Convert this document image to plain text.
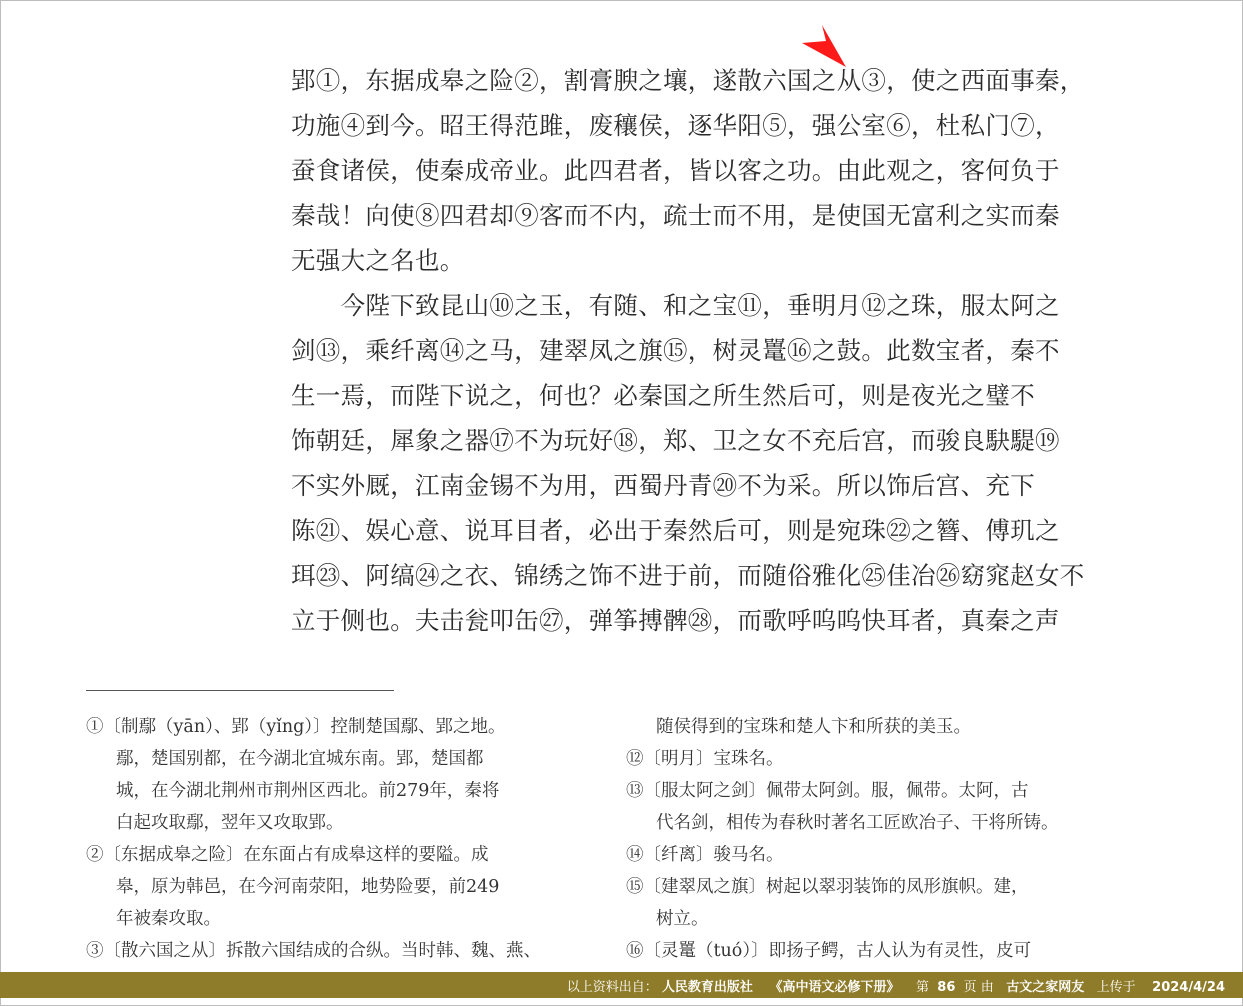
郢①，东据成皋之险②，割膏腴之壤，遂散六国之从③，使之西面事秦，
功施④到今。昭王得范雎，废穰侯，逐华阳⑤，强公室⑥，杜私门⑦，
蚕食诸侯，使秦成帝业。此四君者，皆以客之功。由此观之，客何负于
秦哉！向使⑧四君却⑨客而不内，疏士而不用，是使国无富利之实而秦
无强大之名也。
　　今陛下致昆山⑩之玉，有随、和之宝⑪，垂明月⑫之珠，服太阿之
剑⑬，乘纤离⑭之马，建翠凤之旗⑮，树灵鼍⑯之鼓。此数宝者，秦不
生一焉，而陛下说之，何也？必秦国之所生然后可，则是夜光之璧不
饰朝廷，犀象之器⑰不为玩好⑱，郑、卫之女不充后宫，而骏良駃騠⑲
不实外厩，江南金锡不为用，西蜀丹青⑳不为采。所以饰后宫、充下
陈㉑、娱心意、说耳目者，必出于秦然后可，则是宛珠㉒之簪、傅玑之
珥㉓、阿缟㉔之衣、锦绣之饰不进于前，而随俗雅化㉕佳冶㉖窈窕赵女不
立于侧也。夫击瓮叩缶㉗，弹筝搏髀㉘，而歌呼呜呜快耳者，真秦之声
①〔制鄢（yān）、郢（yǐng）〕控制楚国鄢、郢之地。
鄢，楚国别都，在今湖北宜城东南。郢，楚国都
城，在今湖北荆州市荆州区西北。前279年，秦将
白起攻取鄢，翌年又攻取郢。
②〔东据成皋之险〕在东面占有成皋这样的要隘。成
皋，原为韩邑，在今河南荥阳，地势险要，前249
年被秦攻取。
③〔散六国之从〕拆散六国结成的合纵。当时韩、魏、燕、
随侯得到的宝珠和楚人卞和所获的美玉。
⑫〔明月〕宝珠名。
⑬〔服太阿之剑〕佩带太阿剑。服，佩带。太阿，古
代名剑，相传为春秋时著名工匠欧冶子、干将所铸。
⑭〔纤离〕骏马名。
⑮〔建翠凤之旗〕树起以翠羽装饰的凤形旗帜。建，
树立。
⑯〔灵鼍（tuó）〕即扬子鳄，古人认为有灵性，皮可
以上资料出自： 人民教育出版社 《高中语文必修下册》 第 86 页 由 古文之家网友 上传于 2024/4/24
